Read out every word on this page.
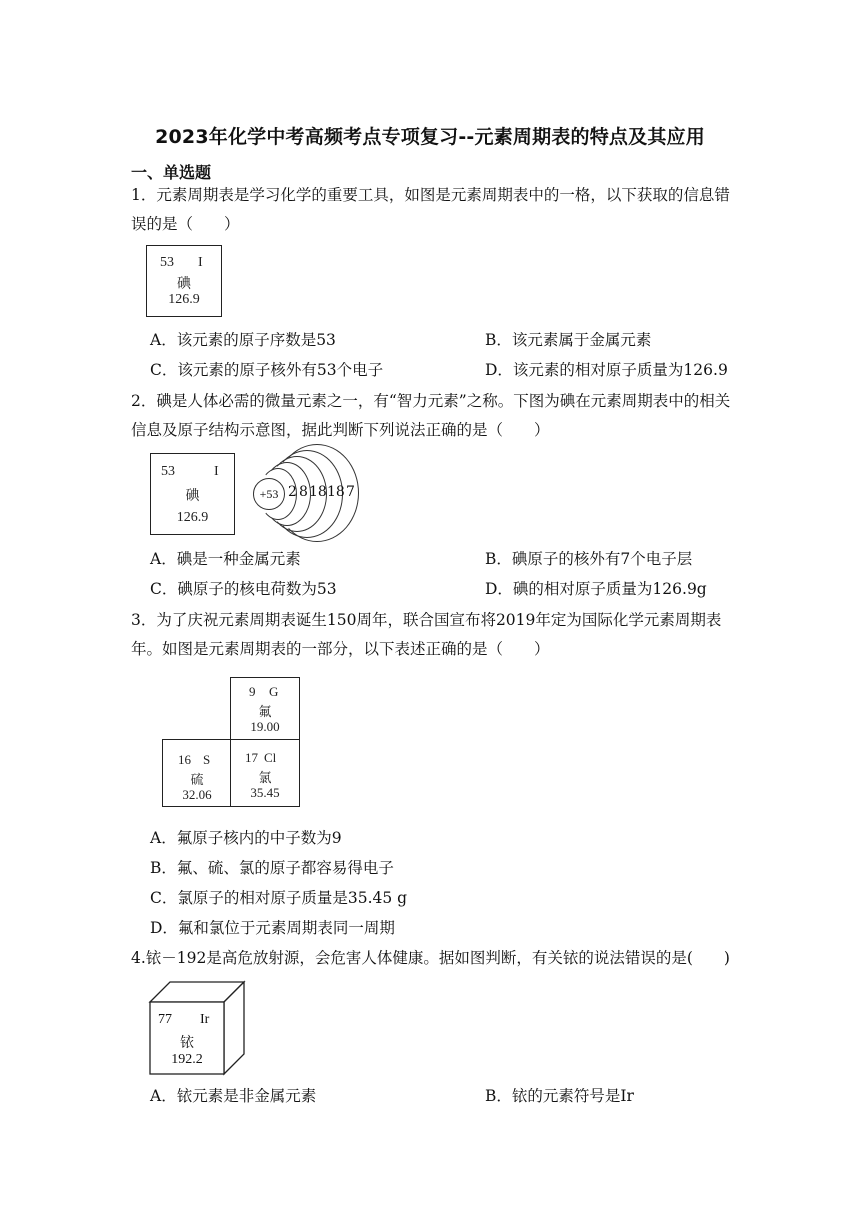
2023年化学中考高频考点专项复习--元素周期表的特点及其应用
一、单选题
1．元素周期表是学习化学的重要工具，如图是元素周期表中的一格，以下获取的信息错误的是（　　）
53 I
碘
126.9
A．该元素的原子序数是53	B．该元素属于金属元素
C．该元素的原子核外有53个电子	D．该元素的相对原子质量为126.9
2．碘是人体必需的微量元素之一，有“智力元素”之称。下图为碘在元素周期表中的相关信息及原子结构示意图，据此判断下列说法正确的是（　　）
53	I
碘
126.9
+53 2 8 18 18 7
A．碘是一种金属元素	B．碘原子的核外有7个电子层
C．碘原子的核电荷数为53	D．碘的相对原子质量为126.9g
3．为了庆祝元素周期表诞生150周年，联合国宣布将2019年定为国际化学元素周期表年。如图是元素周期表的一部分，以下表述正确的是（　　）
9 G
氟
19.00
16 S
硫
32.06
17 Cl
氯
35.45
A．氟原子核内的中子数为9
B．氟、硫、氯的原子都容易得电子
C．氯原子的相对原子质量是35.45 g
D．氟和氯位于元素周期表同一周期
4.铱－192是高危放射源，会危害人体健康。据如图判断，有关铱的说法错误的是(　　)
77 Ir
铱
192.2
A．铱元素是非金属元素	B．铱的元素符号是Ir
